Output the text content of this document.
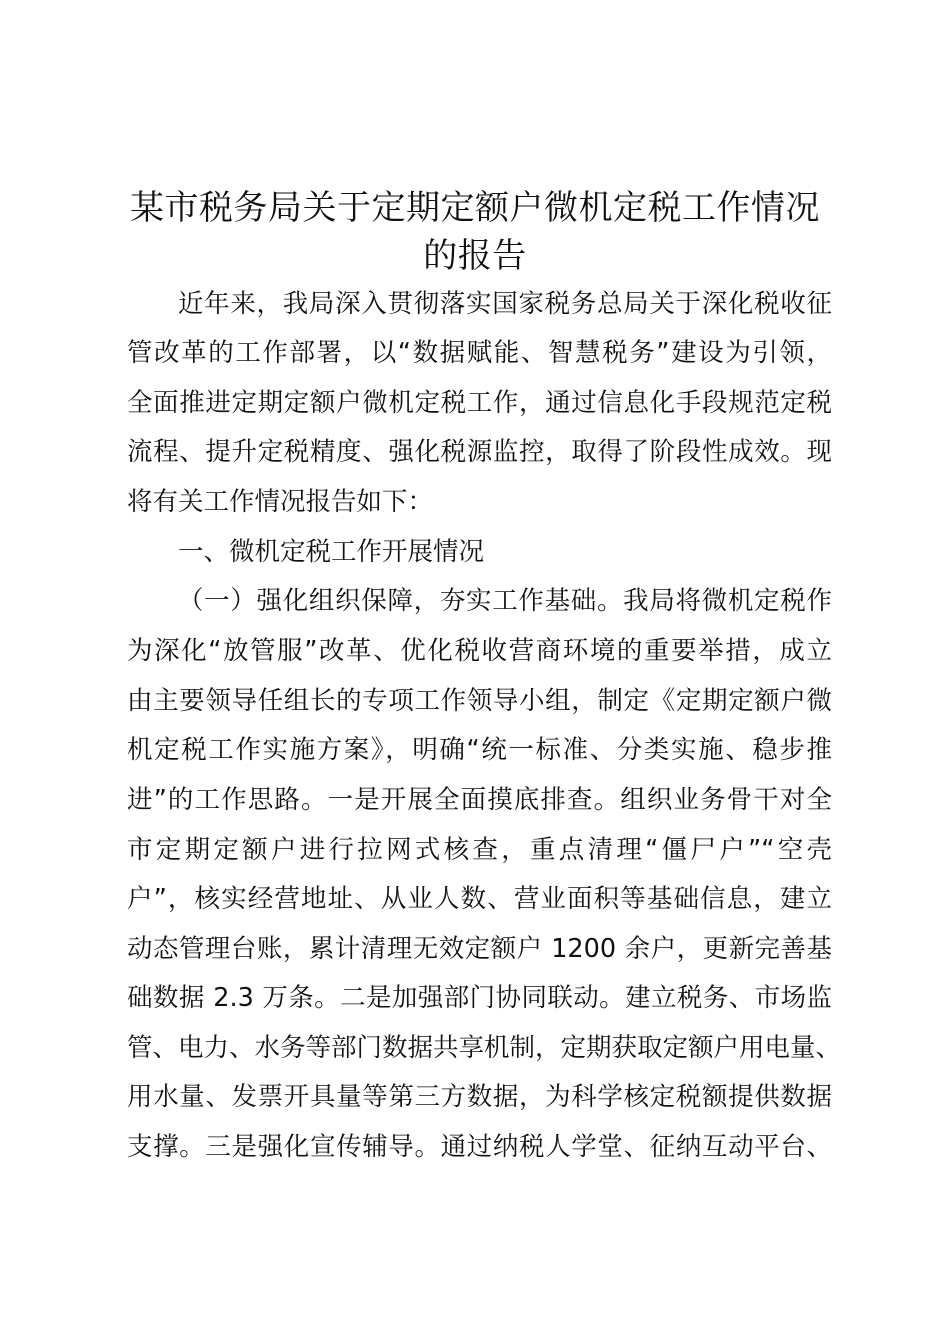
某市税务局关于定期定额户微机定税工作情况
的报告
近年来，我局深入贯彻落实国家税务总局关于深化税收征
管改革的工作部署，以“数据赋能、智慧税务”建设为引领，
全面推进定期定额户微机定税工作，通过信息化手段规范定税
流程、提升定税精度、强化税源监控，取得了阶段性成效。现
将有关工作情况报告如下：
一、微机定税工作开展情况
（一）强化组织保障，夯实工作基础。我局将微机定税作
为深化“放管服”改革、优化税收营商环境的重要举措，成立
由主要领导任组长的专项工作领导小组，制定《定期定额户微
机定税工作实施方案》，明确“统一标准、分类实施、稳步推
进”的工作思路。一是开展全面摸底排查。组织业务骨干对全
市定期定额户进行拉网式核查，重点清理“僵尸户”“空壳
户”，核实经营地址、从业人数、营业面积等基础信息，建立
动态管理台账，累计清理无效定额户 1200 余户，更新完善基
础数据 2.3 万条。二是加强部门协同联动。建立税务、市场监
管、电力、水务等部门数据共享机制，定期获取定额户用电量、
用水量、发票开具量等第三方数据，为科学核定税额提供数据
支撑。三是强化宣传辅导。通过纳税人学堂、征纳互动平台、
